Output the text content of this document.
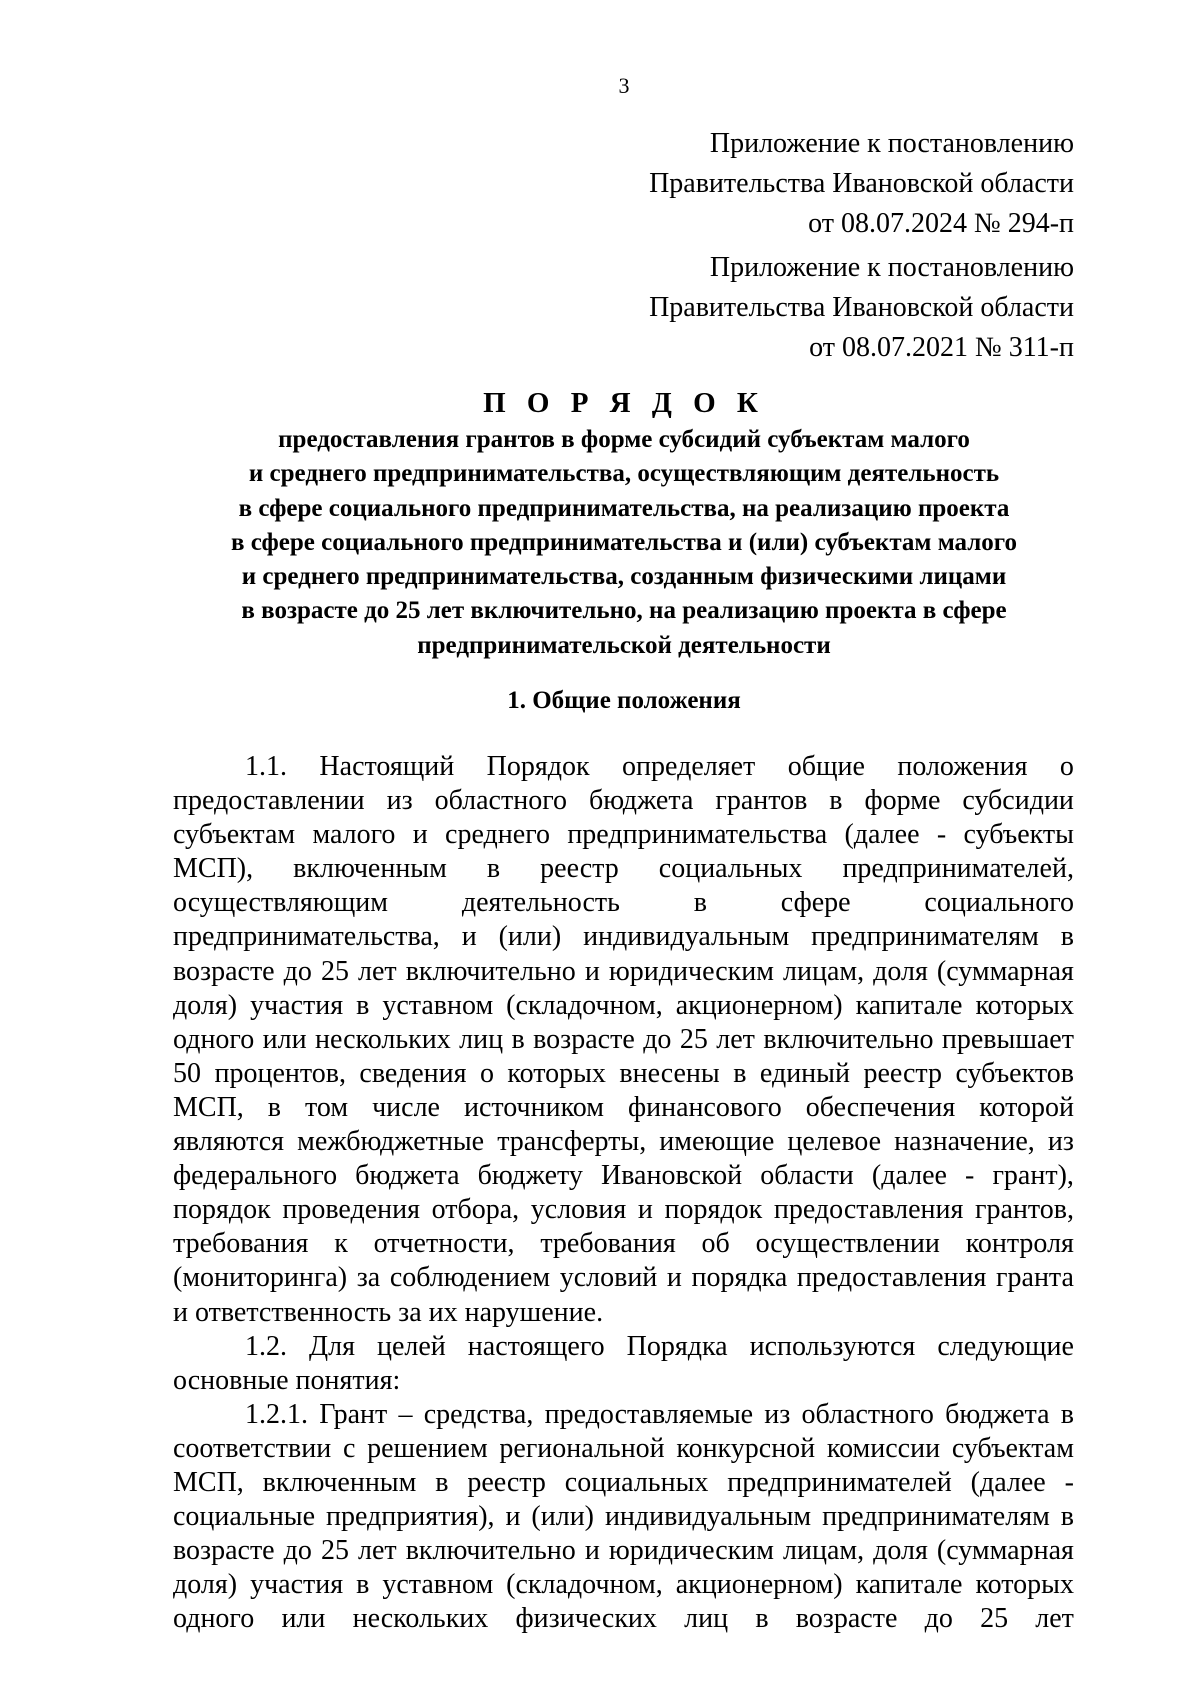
3
Приложение к постановлению
Правительства Ивановской области
от 08.07.2024 № 294-п
Приложение к постановлению
Правительства Ивановской области
от 08.07.2021 № 311-п
П О Р Я Д О К
предоставления грантов в форме субсидий субъектам малого
и среднего предпринимательства, осуществляющим деятельность
в сфере социального предпринимательства, на реализацию проекта
в сфере социального предпринимательства и (или) субъектам малого
и среднего предпринимательства, созданным физическими лицами
в возрасте до 25 лет включительно, на реализацию проекта в сфере
предпринимательской деятельности
1. Общие положения
1.1. Настоящий Порядок определяет общие положения о
предоставлении из областного бюджета грантов в форме субсидии
субъектам малого и среднего предпринимательства (далее - субъекты
МСП), включенным в реестр социальных предпринимателей,
осуществляющим	деятельность	в	сфере	социального
предпринимательства, и (или) индивидуальным предпринимателям в
возрасте до 25 лет включительно и юридическим лицам, доля (суммарная
доля) участия в уставном (складочном, акционерном) капитале которых
одного или нескольких лиц в возрасте до 25 лет включительно превышает
50 процентов, сведения о которых внесены в единый реестр субъектов
МСП, в том числе источником финансового обеспечения которой
являются межбюджетные трансферты, имеющие целевое назначение, из
федерального бюджета бюджету Ивановской области (далее - грант),
порядок проведения отбора, условия и порядок предоставления грантов,
требования к отчетности, требования об осуществлении контроля
(мониторинга) за соблюдением условий и порядка предоставления гранта
и ответственность за их нарушение.
1.2. Для целей настоящего Порядка используются следующие
основные понятия:
1.2.1. Грант – средства, предоставляемые из областного бюджета в
соответствии с решением региональной конкурсной комиссии субъектам
МСП, включенным в реестр социальных предпринимателей (далее -
социальные предприятия), и (или) индивидуальным предпринимателям в
возрасте до 25 лет включительно и юридическим лицам, доля (суммарная
доля) участия в уставном (складочном, акционерном) капитале которых
одного или нескольких физических лиц в возрасте до 25 лет
